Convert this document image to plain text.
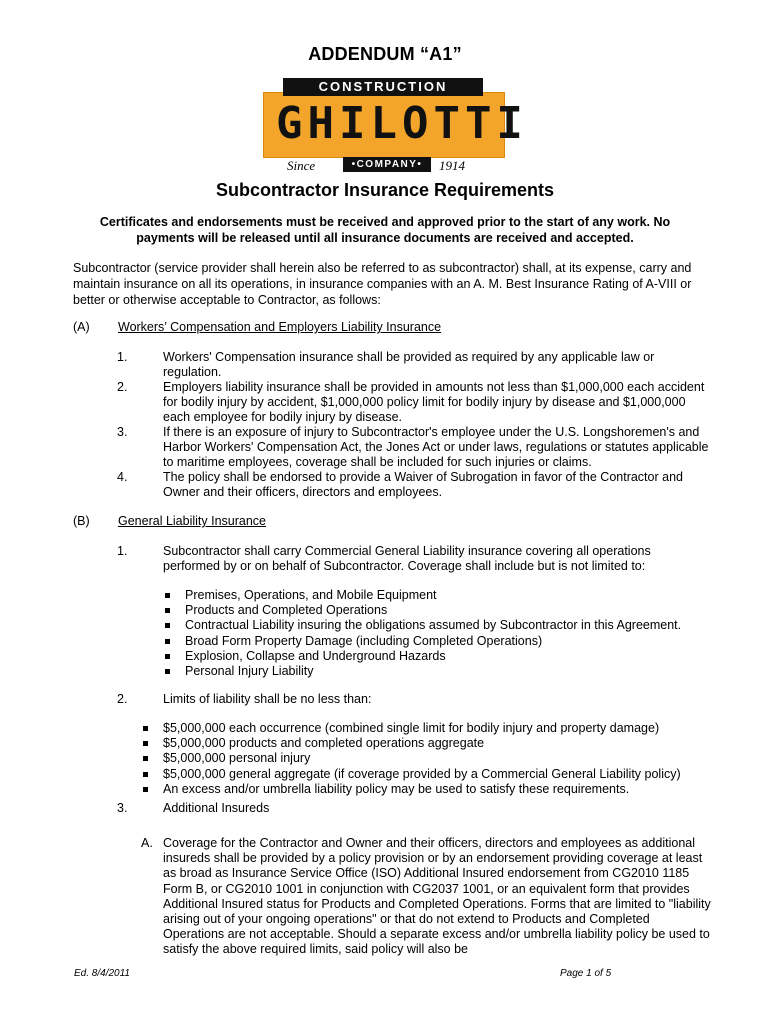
ADDENDUM “A1”
GHILOTTI
CONSTRUCTION
Since	•COMPANY•	1914
Subcontractor Insurance Requirements
Certificates and endorsements must be received and approved prior to the start of any work. No payments will be released until all insurance documents are received and accepted.
Subcontractor (service provider shall herein also be referred to as subcontractor) shall, at its expense, carry and maintain insurance on all its operations, in insurance companies with an A. M. Best Insurance Rating of A-VIII or better or otherwise acceptable to Contractor, as follows:
(A) Workers’ Compensation and Employers Liability Insurance
1.	Workers' Compensation insurance shall be provided as required by any applicable law or regulation.
2.	Employers liability insurance shall be provided in amounts not less than $1,000,000 each accident for bodily injury by accident, $1,000,000 policy limit for bodily injury by disease and $1,000,000 each employee for bodily injury by disease.
3.	If there is an exposure of injury to Subcontractor's employee under the U.S. Longshoremen's and Harbor Workers' Compensation Act, the Jones Act or under laws, regulations or statutes applicable to maritime employees, coverage shall be included for such injuries or claims.
4.	The policy shall be endorsed to provide a Waiver of Subrogation in favor of the Contractor and Owner and their officers, directors and employees.
(B) General Liability Insurance
1.	Subcontractor shall carry Commercial General Liability insurance covering all operations performed by or on behalf of Subcontractor. Coverage shall include but is not limited to:
Premises, Operations, and Mobile Equipment
Products and Completed Operations
Contractual Liability insuring the obligations assumed by Subcontractor in this Agreement.
Broad Form Property Damage (including Completed Operations)
Explosion, Collapse and Underground Hazards
Personal Injury Liability
2.	Limits of liability shall be no less than:
$5,000,000 each occurrence (combined single limit for bodily injury and property damage)
$5,000,000 products and completed operations aggregate
$5,000,000 personal injury
$5,000,000 general aggregate (if coverage provided by a Commercial General Liability policy)
An excess and/or umbrella liability policy may be used to satisfy these requirements.
3.	Additional Insureds
A. Coverage for the Contractor and Owner and their officers, directors and employees as additional insureds shall be provided by a policy provision or by an endorsement providing coverage at least as broad as Insurance Service Office (ISO) Additional Insured endorsement from CG2010 1185 Form B, or CG2010 1001 in conjunction with CG2037 1001, or an equivalent form that provides Additional Insured status for Products and Completed Operations. Forms that are limited to "liability arising out of your ongoing operations" or that do not extend to Products and Completed Operations are not acceptable. Should a separate excess and/or umbrella liability policy be used to satisfy the above required limits, said policy will also be
Ed. 8/4/2011	Page 1 of 5
